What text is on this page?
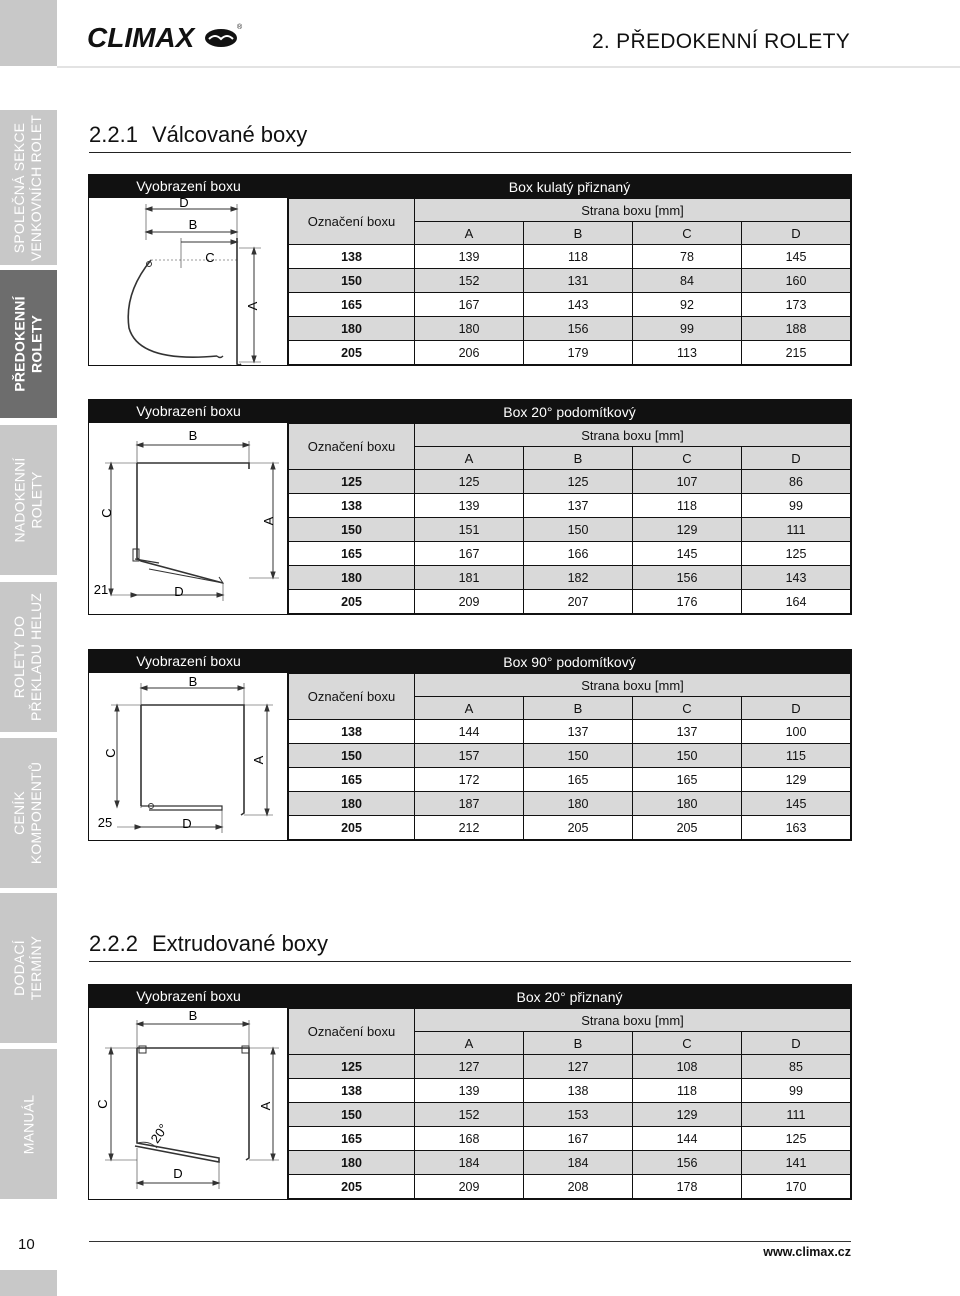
SPOLEČNÁ SEKCE
VENKOVNÍCH ROLET
PŘEDOKENNÍ
ROLETY
NADOKENNÍ
ROLETY
ROLETY DO
PŘEKLADU HELUZ
CENÍK
KOMPONENTŮ
DODACÍ
TERMÍNY
MANUÁL
CLIMAX	®
2. PŘEDOKENNÍ ROLETY
2.2.1 Válcované boxy
Vyobrazení boxu
D
B
C
A
Box kulatý přiznaný				
Označení boxu	Strana boxu [mm]			
	A	B	C	D
138	139	118	78	145
150	152	131	84	160
165	167	143	92	173
180	180	156	99	188
205	206	179	113	215
Vyobrazení boxu
B
C
A
D
21
Box 20° podomítkový				
Označení boxu	Strana boxu [mm]			
	A	B	C	D
125	125	125	107	86
138	139	137	118	99
150	151	150	129	111
165	167	166	145	125
180	181	182	156	143
205	209	207	176	164
Vyobrazení boxu
B
C
A
D
25
Box 90° podomítkový				
Označení boxu	Strana boxu [mm]			
	A	B	C	D
138	144	137	137	100
150	157	150	150	115
165	172	165	165	129
180	187	180	180	145
205	212	205	205	163
2.2.2 Extrudované boxy
Vyobrazení boxu
B
C	A
D
20°
Box 20° přiznaný				
Označení boxu	Strana boxu [mm]			
	A	B	C	D
125	127	127	108	85
138	139	138	118	99
150	152	153	129	111
165	168	167	144	125
180	184	184	156	141
205	209	208	178	170
10	www.climax.cz
